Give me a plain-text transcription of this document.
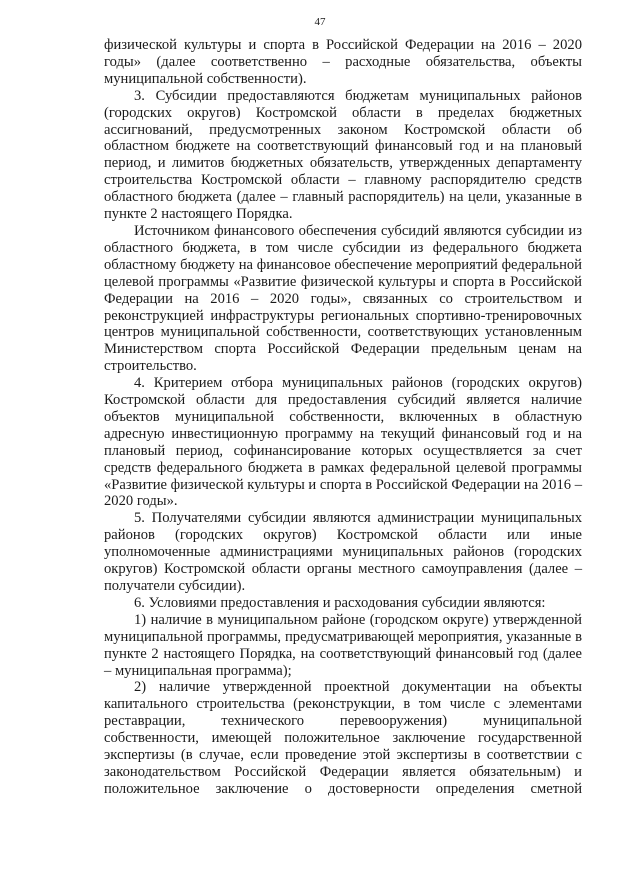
47

физической культуры и спорта в Российской Федерации на 2016 – 2020 годы» (далее соответственно – расходные обязательства, объекты муниципальной собственности).

3. Субсидии предоставляются бюджетам муниципальных районов (городских округов) Костромской области в пределах бюджетных ассигнований, предусмотренных законом Костромской области об областном бюджете на соответствующий финансовый год и на плановый период, и лимитов бюджетных обязательств, утвержденных департаменту строительства Костромской области – главному распорядителю средств областного бюджета (далее – главный распорядитель) на цели, указанные в пункте 2 настоящего Порядка.

Источником финансового обеспечения субсидий являются субсидии из областного бюджета, в том числе субсидии из федерального бюджета областному бюджету на финансовое обеспечение мероприятий федеральной целевой программы «Развитие физической культуры и спорта в Российской Федерации на 2016 – 2020 годы», связанных со строительством и реконструкцией инфраструктуры региональных спортивно-тренировочных центров муниципальной собственности, соответствующих установленным Министерством спорта Российской Федерации предельным ценам на строительство.

4. Критерием отбора муниципальных районов (городских округов) Костромской области для предоставления субсидий является наличие объектов муниципальной собственности, включенных в областную адресную инвестиционную программу на текущий финансовый год и на плановый период, софинансирование которых осуществляется за счет средств федерального бюджета в рамках федеральной целевой программы «Развитие физической культуры и спорта в Российской Федерации на 2016 – 2020 годы».

5. Получателями субсидии являются администрации муниципальных районов (городских округов) Костромской области или иные уполномоченные администрациями муниципальных районов (городских округов) Костромской области органы местного самоуправления (далее – получатели субсидии).

6. Условиями предоставления и расходования субсидии являются:

1) наличие в муниципальном районе (городском округе) утвержденной муниципальной программы, предусматривающей мероприятия, указанные в пункте 2 настоящего Порядка, на соответствующий финансовый год (далее – муниципальная программа);

2) наличие утвержденной проектной документации на объекты капитального строительства (реконструкции, в том числе с элементами реставрации, технического перевооружения) муниципальной собственности, имеющей положительное заключение государственной экспертизы (в случае, если проведение этой экспертизы в соответствии с законодательством Российской Федерации является обязательным) и положительное заключение о достоверности определения сметной
